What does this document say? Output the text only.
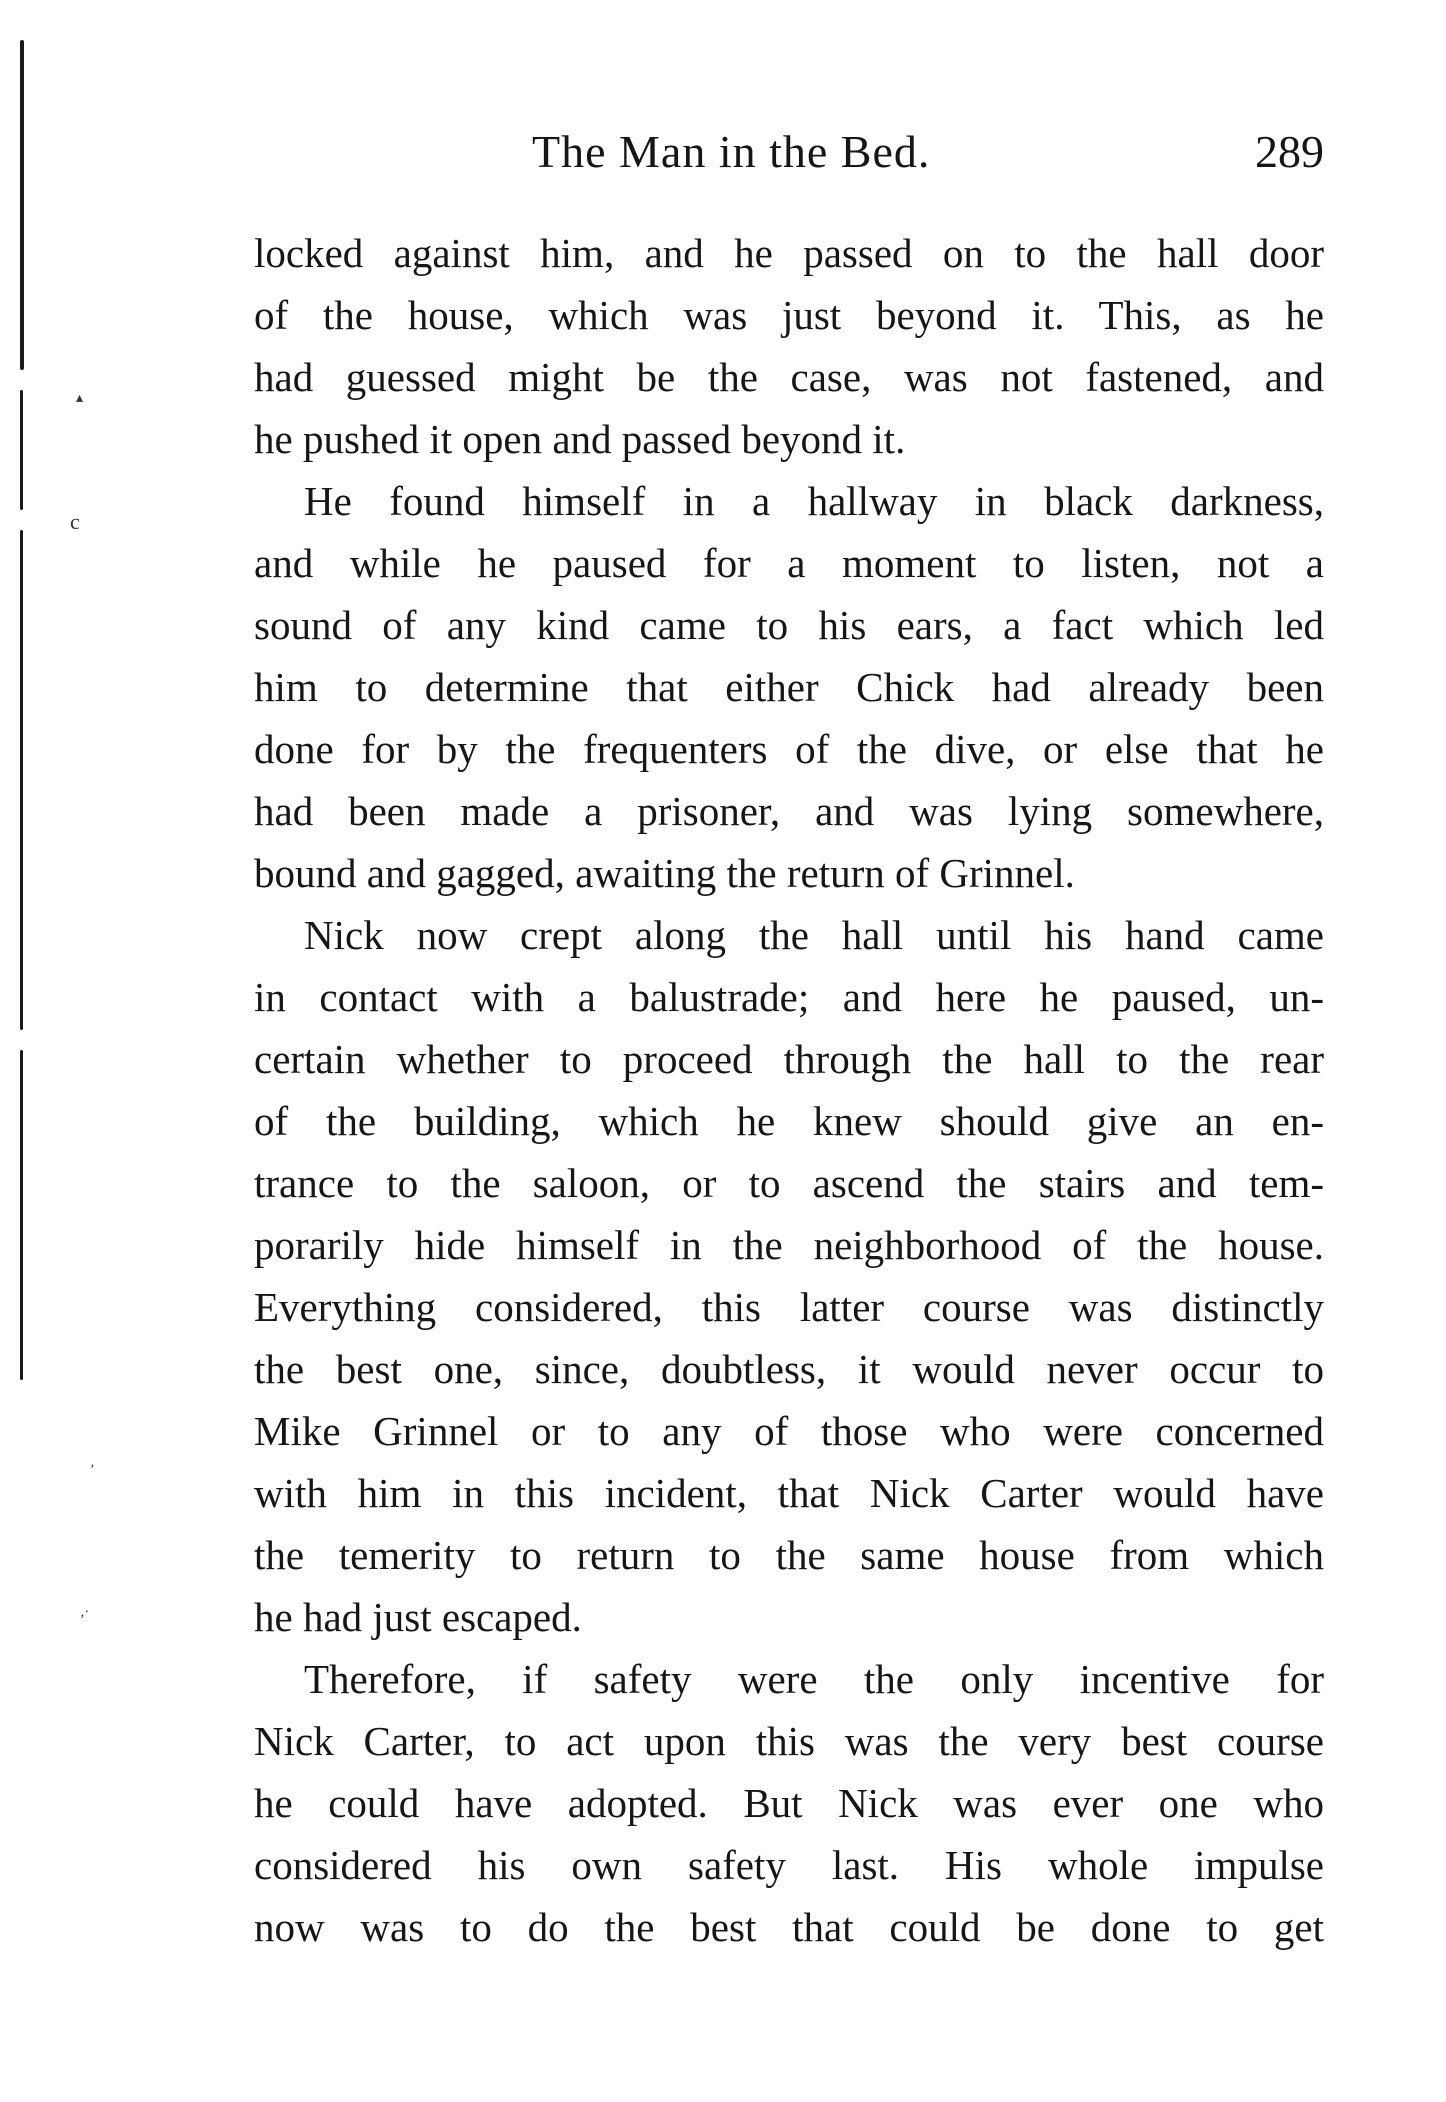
▴
c
‚
‚·
The Man in the Bed.	289
locked against him, and he passed on to the hall door
of the house, which was just beyond it. This, as he
had guessed might be the case, was not fastened, and
he pushed it open and passed beyond it.
He found himself in a hallway in black darkness,
and while he paused for a moment to listen, not a
sound of any kind came to his ears, a fact which led
him to determine that either Chick had already been
done for by the frequenters of the dive, or else that he
had been made a prisoner, and was lying somewhere,
bound and gagged, awaiting the return of Grinnel.
Nick now crept along the hall until his hand came
in contact with a balustrade; and here he paused, un-
certain whether to proceed through the hall to the rear
of the building, which he knew should give an en-
trance to the saloon, or to ascend the stairs and tem-
porarily hide himself in the neighborhood of the house.
Everything considered, this latter course was distinctly
the best one, since, doubtless, it would never occur to
Mike Grinnel or to any of those who were concerned
with him in this incident, that Nick Carter would have
the temerity to return to the same house from which
he had just escaped.
Therefore, if safety were the only incentive for
Nick Carter, to act upon this was the very best course
he could have adopted. But Nick was ever one who
considered his own safety last. His whole impulse
now was to do the best that could be done to get
